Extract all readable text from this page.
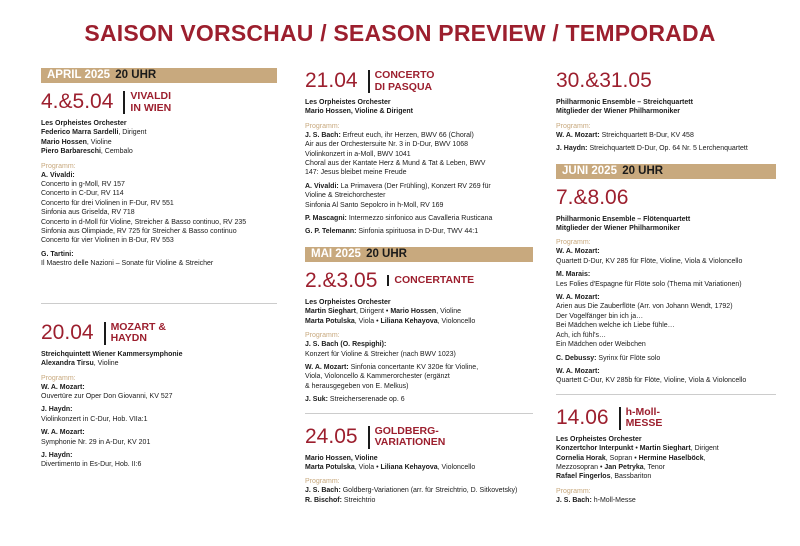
SAISON VORSCHAU / SEASON PREVIEW / TEMPORADA
APRIL 2025 20 UHR
4.&5.04 VIVALDI
IN WIEN
Les Orpheistes Orchester
Federico Marra Sardelli, Dirigent
Mario Hossen, Violine
Piero Barbareschi, Cembalo
Programm:
A. Vivaldi:
Concerto in g-Moll, RV 157
Concerto in C-Dur, RV 114
Concerto für drei Violinen in F-Dur, RV 551
Sinfonia aus Griselda, RV 718
Concerto in d-Moll für Violine, Streicher & Basso continuo, RV 235
Sinfonia aus Olimpiade, RV 725 für Streicher & Basso continuo
Concerto für vier Violinen in B-Dur, RV 553
G. Tartini:
Il Maestro delle Nazioni – Sonate für Violine & Streicher
20.04 MOZART &
HAYDN
Streichquintett Wiener Kammersymphonie
Alexandra Tirsu, Violine
Programm:
W. A. Mozart:
Ouvertüre zur Oper Don Giovanni, KV 527
J. Haydn:
Violinkonzert in C-Dur, Hob. VIIa:1
W. A. Mozart:
Symphonie Nr. 29 in A-Dur, KV 201
J. Haydn:
Divertimento in Es-Dur, Hob. II:6
21.04 CONCERTO
DI PASQUA
Les Orpheistes Orchester
Mario Hossen, Violine & Dirigent
Programm:
J. S. Bach: Erfreut euch, ihr Herzen, BWV 66 (Choral)
Air aus der Orchestersuite Nr. 3 in D-Dur, BWV 1068
Violinkonzert in a-Moll, BWV 1041
Choral aus der Kantate Herz & Mund & Tat & Leben, BWV
147: Jesus bleibet meine Freude
A. Vivaldi: La Primavera (Der Frühling), Konzert RV 269 für
Violine & Streichorchester
Sinfonia Al Santo Sepolcro in h-Moll, RV 169
P. Mascagni: Intermezzo sinfonico aus Cavalleria Rusticana
G. P. Telemann: Sinfonia spirituosa in D-Dur, TWV 44:1
MAI 2025 20 UHR
2.&3.05 CONCERTANTE
Les Orpheistes Orchester
Martin Sieghart, Dirigent • Mario Hossen, Violine
Marta Potulska, Viola • Liliana Kehayova, Violoncello
Programm:
J. S. Bach (O. Respighi):
Konzert für Violine & Streicher (nach BWV 1023)
W. A. Mozart: Sinfonia concertante KV 320e für Violine,
Viola, Violoncello & Kammerorchester (ergänzt
& herausgegeben von E. Melkus)
J. Suk: Streicherserenade op. 6
24.05 GOLDBERG-
VARIATIONEN
Mario Hossen, Violine
Marta Potulska, Viola • Liliana Kehayova, Violoncello
Programm:
J. S. Bach: Goldberg-Variationen (arr. für Streichtrio, D. Sitkovetsky)
R. Bischof: Streichtrio
30.&31.05
Philharmonic Ensemble – Streichquartett
Mitglieder der Wiener Philharmoniker
Programm:
W. A. Mozart: Streichquartett B-Dur, KV 458
J. Haydn: Streichquartett D-Dur, Op. 64 Nr. 5 Lerchenquartett
JUNI 2025 20 UHR
7.&8.06
Philharmonic Ensemble – Flötenquartett
Mitglieder der Wiener Philharmoniker
Programm:
W. A. Mozart:
Quartett D-Dur, KV 285 für Flöte, Violine, Viola & Violoncello
M. Marais:
Les Folies d'Espagne für Flöte solo (Thema mit Variationen)
W. A. Mozart:
Arien aus Die Zauberflöte (Arr. von Johann Wendt, 1792)
Der Vogelfänger bin ich ja…
Bei Mädchen welche ich Liebe fühle…
Ach, ich fühl's…
Ein Mädchen oder Weibchen
C. Debussy: Syrinx für Flöte solo
W. A. Mozart:
Quartett C-Dur, KV 285b für Flöte, Violine, Viola & Violoncello
14.06 h-Moll-
MESSE
Les Orpheistes Orchester
Konzertchor Interpunkt • Martin Sieghart, Dirigent
Cornelia Horak, Sopran • Hermine Haselböck,
Mezzosopran • Jan Petryka, Tenor
Rafael Fingerlos, Bassbariton
Programm:
J. S. Bach: h-Moll-Messe
